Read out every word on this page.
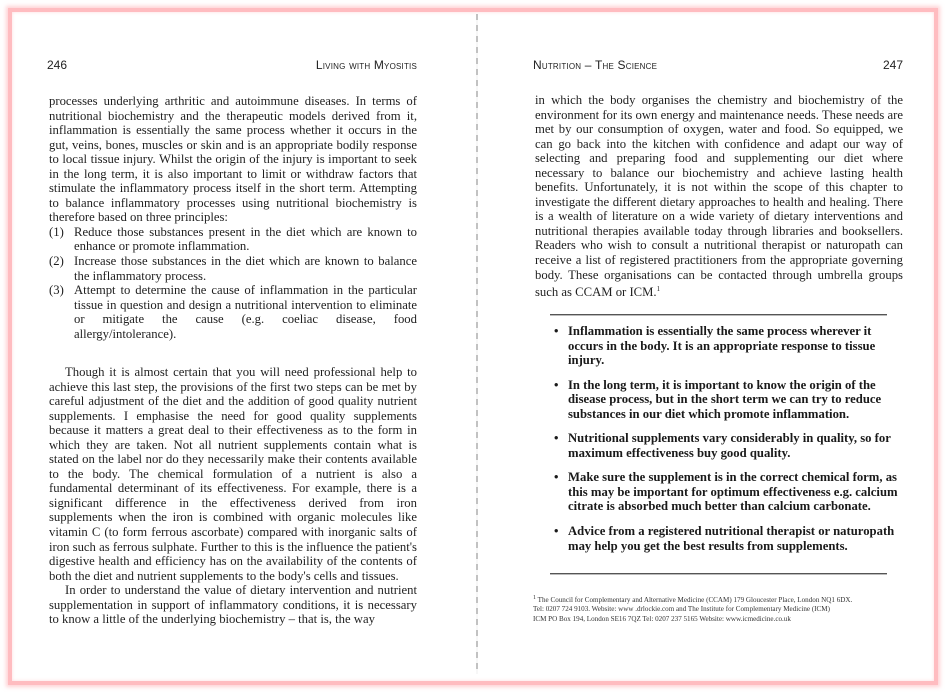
246	Living with Myositis

processes underlying arthritic and autoimmune diseases. In terms of nutritional biochemistry and the therapeutic models derived from it, inflammation is essentially the same process whether it occurs in the gut, veins, bones, muscles or skin and is an appropriate bodily response to local tissue injury. Whilst the origin of the injury is important to seek in the long term, it is also important to limit or withdraw factors that stimulate the inflammatory process itself in the short term. Attempting to balance inflammatory processes using nutritional biochemistry is therefore based on three principles:

(1) Reduce those substances present in the diet which are known to enhance or promote inflammation.
(2) Increase those substances in the diet which are known to balance the inflammatory process.
(3) Attempt to determine the cause of inflammation in the particular tissue in question and design a nutritional intervention to eliminate or mitigate the cause (e.g. coeliac disease, food allergy/intolerance).

Though it is almost certain that you will need professional help to achieve this last step, the provisions of the first two steps can be met by careful adjustment of the diet and the addition of good quality nutrient supplements. I emphasise the need for good quality supplements because it matters a great deal to their effectiveness as to the form in which they are taken. Not all nutrient supplements contain what is stated on the label nor do they necessarily make their contents available to the body. The chemical formulation of a nutrient is also a fundamental determinant of its effectiveness. For example, there is a significant difference in the effectiveness derived from iron supplements when the iron is combined with organic molecules like vitamin C (to form ferrous ascorbate) compared with inorganic salts of iron such as ferrous sulphate. Further to this is the influence the patient's digestive health and efficiency has on the availability of the contents of both the diet and nutrient supplements to the body's cells and tissues.

In order to understand the value of dietary intervention and nutrient supplementation in support of inflammatory conditions, it is necessary to know a little of the underlying biochemistry – that is, the way

Nutrition – The Science	247

in which the body organises the chemistry and biochemistry of the environment for its own energy and maintenance needs. These needs are met by our consumption of oxygen, water and food. So equipped, we can go back into the kitchen with confidence and adapt our way of selecting and preparing food and supplementing our diet where necessary to balance our biochemistry and achieve lasting health benefits. Unfortunately, it is not within the scope of this chapter to investigate the different dietary approaches to health and healing. There is a wealth of literature on a wide variety of dietary interventions and nutritional therapies available today through libraries and booksellers. Readers who wish to consult a nutritional therapist or naturopath can receive a list of registered practitioners from the appropriate governing body. These organisations can be contacted through umbrella groups such as CCAM or ICM.$^1$

• Inflammation is essentially the same process wherever it occurs in the body. It is an appropriate response to tissue injury.
• In the long term, it is important to know the origin of the disease process, but in the short term we can try to reduce substances in our diet which promote inflammation.
• Nutritional supplements vary considerably in quality, so for maximum effectiveness buy good quality.
• Make sure the supplement is in the correct chemical form, as this may be important for optimum effectiveness e.g. calcium citrate is absorbed much better than calcium carbonate.
• Advice from a registered nutritional therapist or naturopath may help you get the best results from supplements.
$^1$ The Council for Complementary and Alternative Medicine (CCAM) 179 Gloucester Place, London NQ1 6DX.
Tel: 0207 724 9103. Website: www .drlockie.com and The Institute for Complementary Medicine (ICM)
ICM PO Box 194, London SE16 7QZ Tel: 0207 237 5165 Website: www.icmedicine.co.uk
